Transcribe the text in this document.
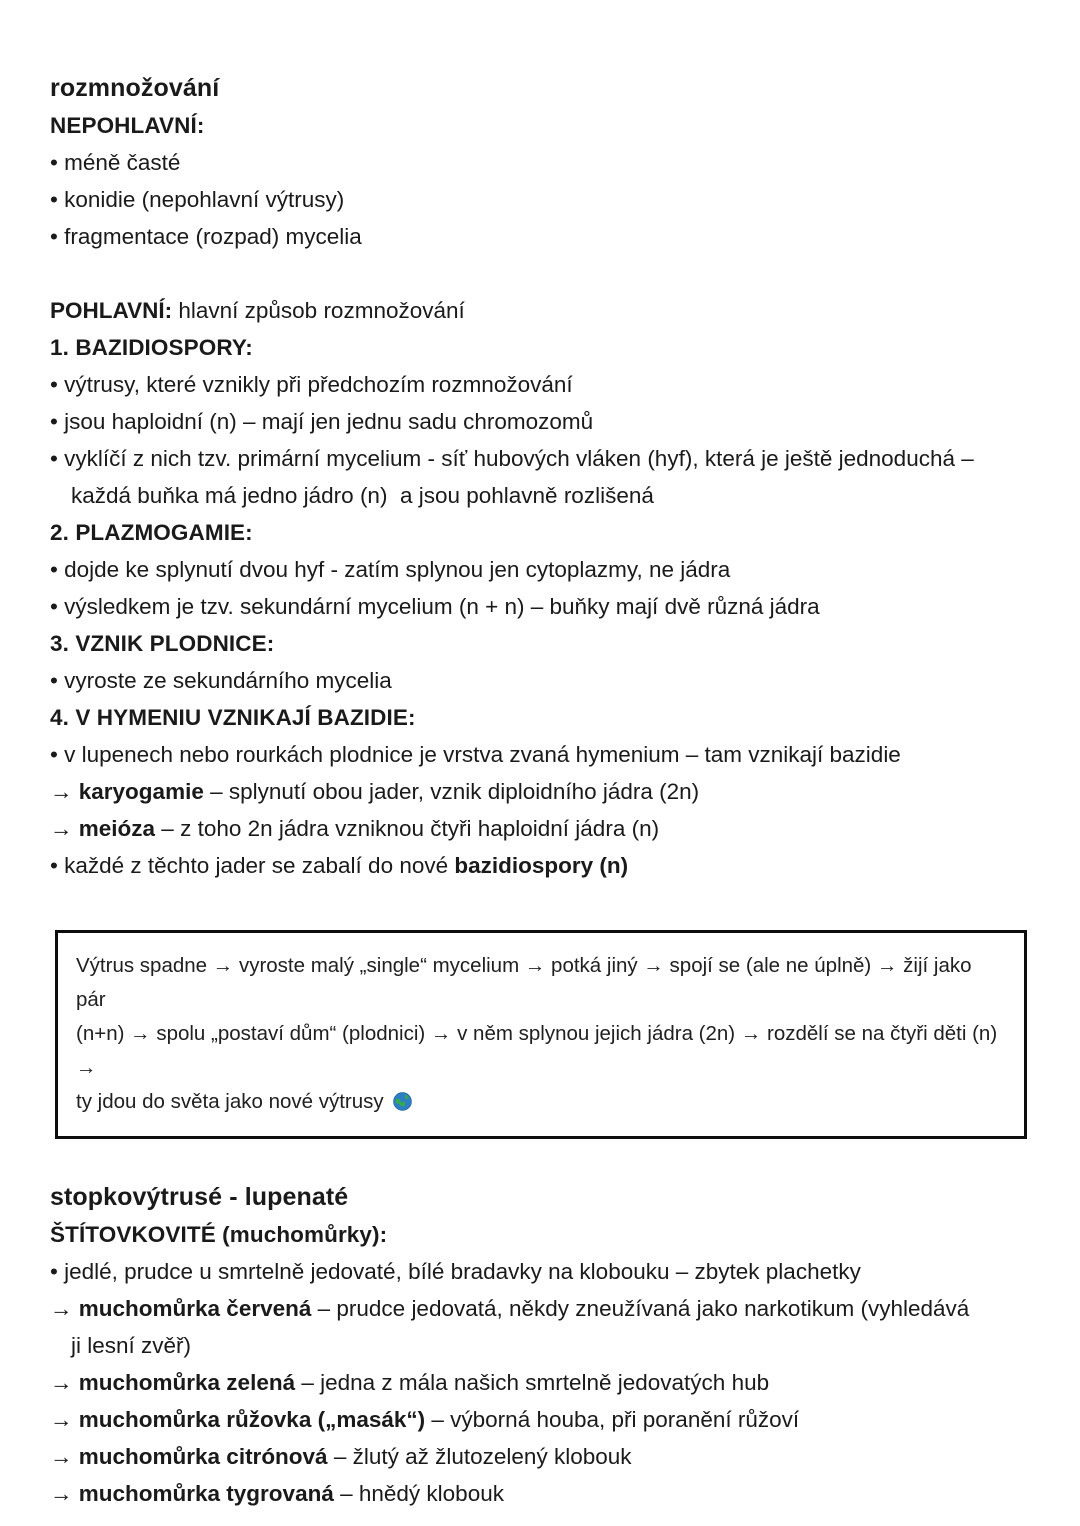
rozmnožování
NEPOHLAVNÍ:

• méně časté

• konidie (nepohlavní výtrusy)

• fragmentace (rozpad) mycelia

POHLAVNÍ: hlavní způsob rozmnožování

1. BAZIDIOSPORY:

• výtrusy, které vznikly při předchozím rozmnožování

• jsou haploidní (n) – mají jen jednu sadu chromozomů

• vyklíčí z nich tzv. primární mycelium - síť hubových vláken (hyf), která je ještě jednoduchá –

každá buňka má jedno jádro (n)  a jsou pohlavně rozlišená

2. PLAZMOGAMIE:

• dojde ke splynutí dvou hyf - zatím splynou jen cytoplazmy, ne jádra

• výsledkem je tzv. sekundární mycelium (n + n) – buňky mají dvě různá jádra

3. VZNIK PLODNICE:

• vyroste ze sekundárního mycelia

4. V HYMENIU VZNIKAJÍ BAZIDIE:

• v lupenech nebo rourkách plodnice je vrstva zvaná hymenium – tam vznikají bazidie

→ karyogamie – splynutí obou jader, vznik diploidního jádra (2n)

→ meióza – z toho 2n jádra vzniknou čtyři haploidní jádra (n)

• každé z těchto jader se zabalí do nové bazidiospory (n)

Výtrus spadne → vyroste malý „single“ mycelium → potká jiný → spojí se (ale ne úplně) → žijí jako pár

(n+n) → spolu „postaví dům“ (plodnici) → v něm splynou jejich jádra (2n) → rozdělí se na čtyři děti (n) →

ty jdou do světa jako nové výtrusy

stopkovýtrusé - lupenaté
ŠTÍTOVKOVITÉ (muchomůrky):

• jedlé, prudce u smrtelně jedovaté, bílé bradavky na klobouku – zbytek plachetky

→ muchomůrka červená – prudce jedovatá, někdy zneužívaná jako narkotikum (vyhledává

ji lesní zvěř)

→ muchomůrka zelená – jedna z mála našich smrtelně jedovatých hub

→ muchomůrka růžovka („masák“) – výborná houba, při poranění růžoví

→ muchomůrka citrónová – žlutý až žlutozelený klobouk

→ muchomůrka tygrovaná – hnědý klobouk
